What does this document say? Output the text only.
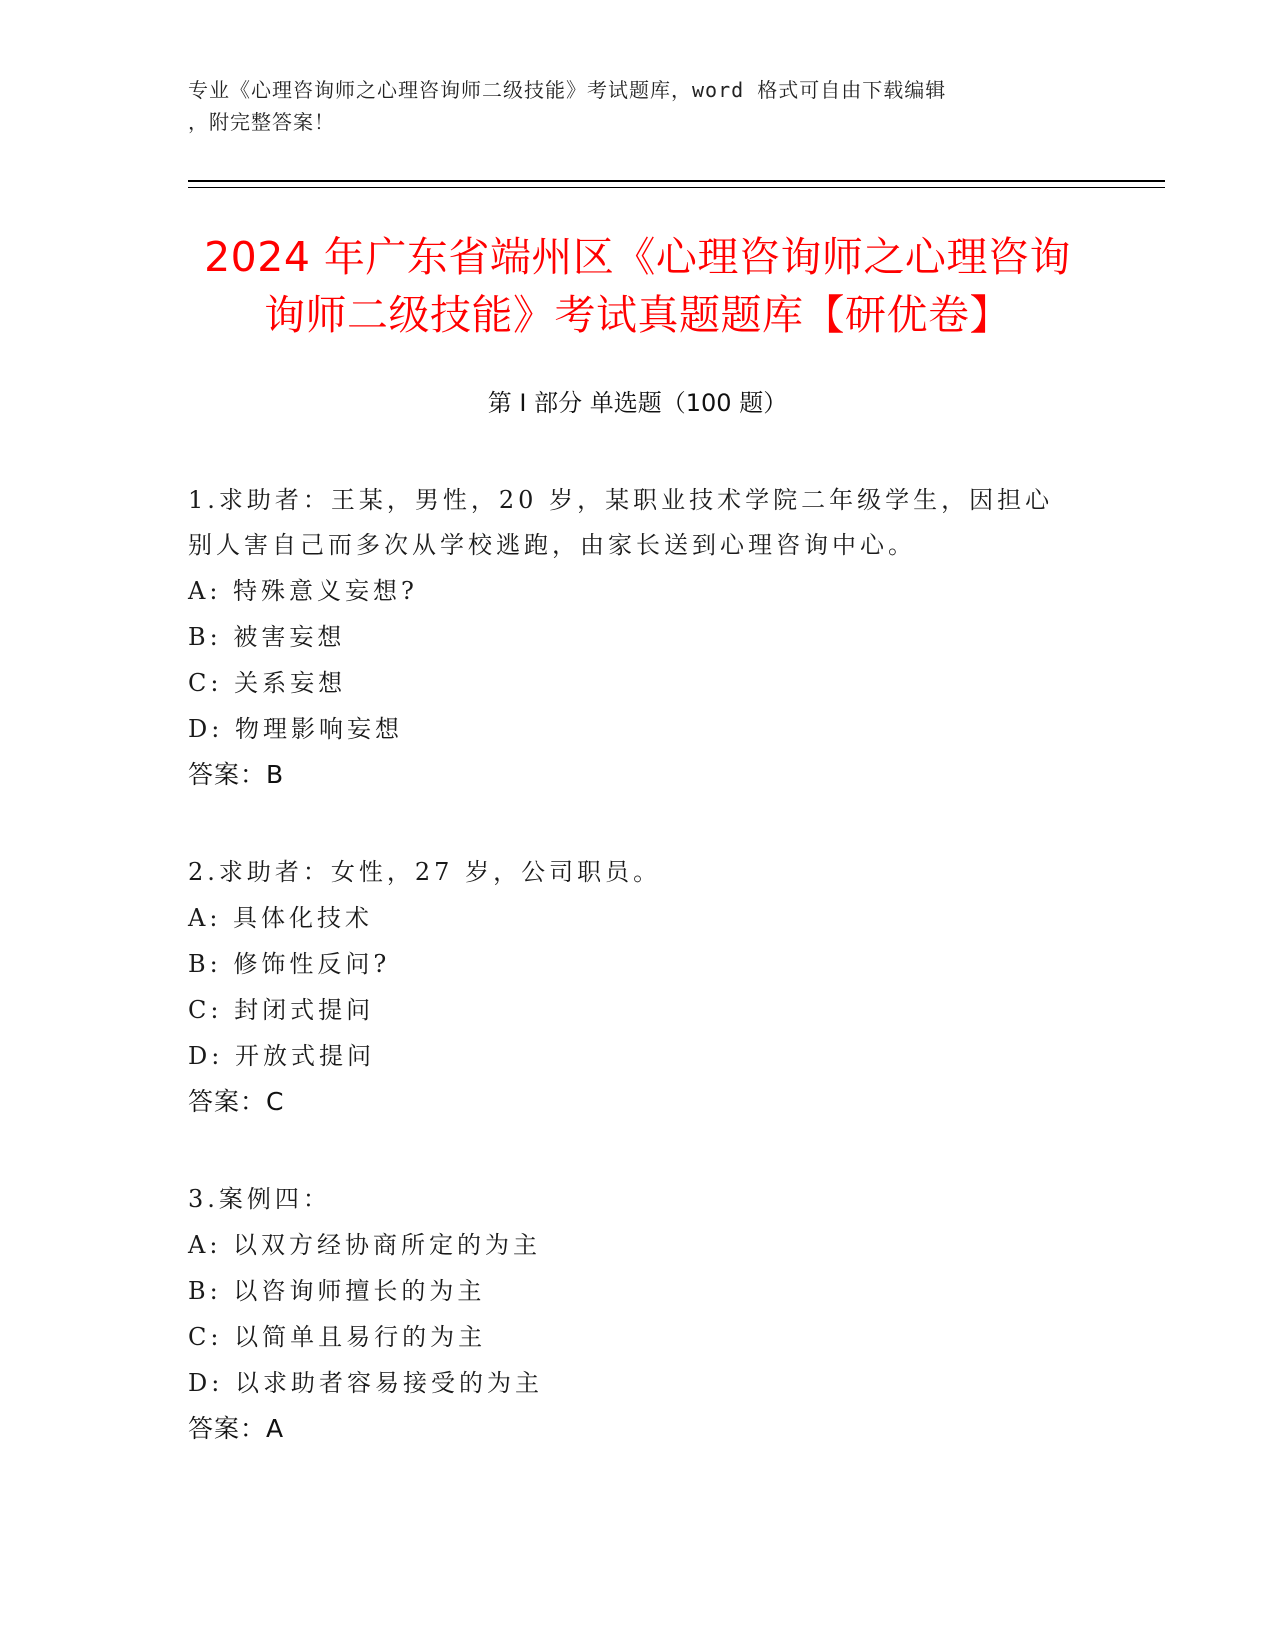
专业《心理咨询师之心理咨询师二级技能》考试题库，word 格式可自由下载编辑
，附完整答案！
2024 年广东省端州区《心理咨询师之心理咨询
询师二级技能》考试真题题库【研优卷】
第 I 部分 单选题（100 题）
1.求助者：王某，男性，20 岁，某职业技术学院二年级学生，因担心
别人害自己而多次从学校逃跑，由家长送到心理咨询中心。
A: 特殊意义妄想?
B: 被害妄想
C: 关系妄想
D: 物理影响妄想
答案：B
2.求助者：女性，27 岁，公司职员。
A: 具体化技术
B: 修饰性反问?
C: 封闭式提问
D: 开放式提问
答案：C
3.案例四：
A: 以双方经协商所定的为主
B: 以咨询师擅长的为主
C: 以简单且易行的为主
D: 以求助者容易接受的为主
答案：A
